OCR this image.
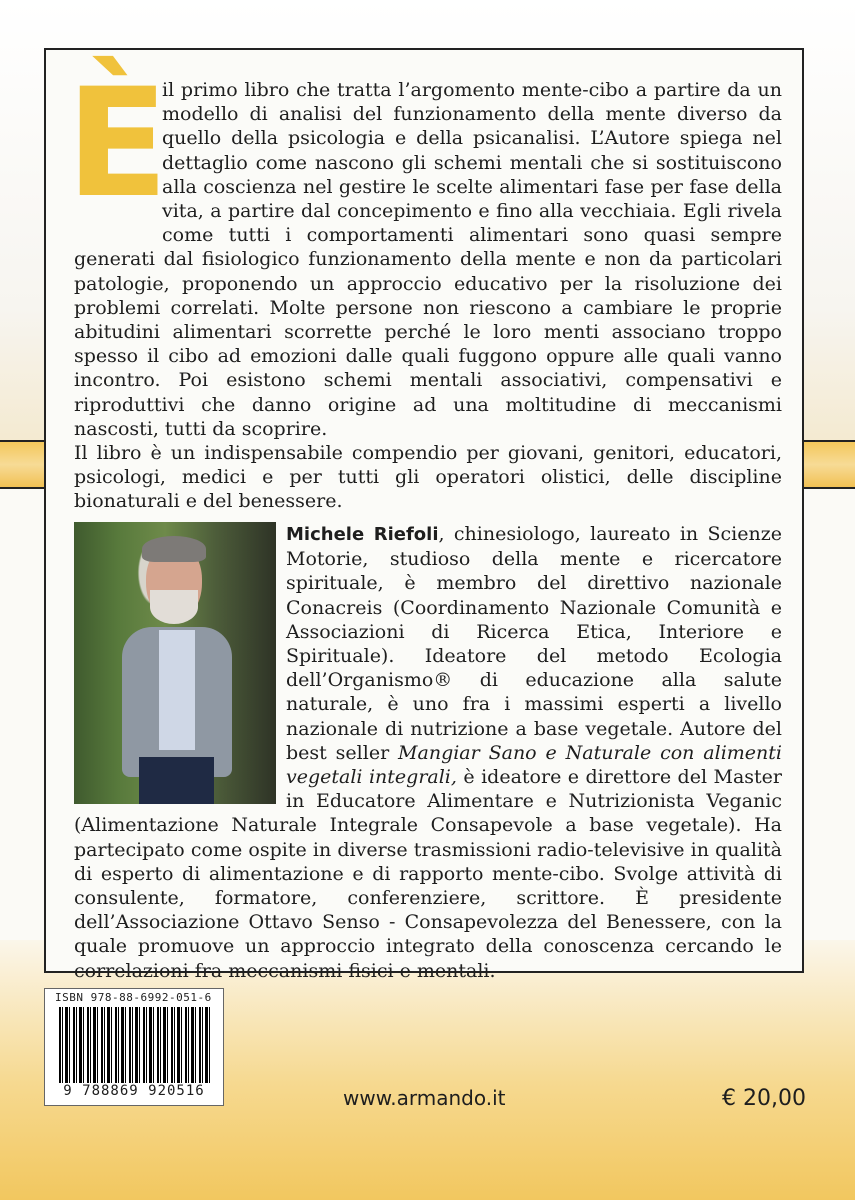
È

il primo libro che tratta l’argomento mente-cibo a partire da un modello di analisi del funzionamento della mente diverso da quello della psicologia e della psicanalisi. L’Autore spiega nel dettaglio come nascono gli schemi mentali che si sostituiscono alla coscienza nel gestire le scelte alimentari fase per fase della vita, a partire dal concepimento e fino alla vecchiaia. Egli rivela come tutti i comportamenti alimentari sono quasi sempre generati dal fisiologico funzionamento della mente e non da particolari patologie, proponendo un approccio educativo per la risoluzione dei problemi correlati. Molte persone non riescono a cambiare le proprie abitudini alimentari scorrette perché le loro menti associano troppo spesso il cibo ad emozioni dalle quali fuggono oppure alle quali vanno incontro. Poi esistono schemi mentali associativi, compensativi e riproduttivi che danno origine ad una moltitudine di meccanismi nascosti, tutti da scoprire.
Il libro è un indispensabile compendio per giovani, genitori, educatori, psicologi, medici e per tutti gli operatori olistici, delle discipline bionaturali e del benessere.

Michele Riefoli, chinesiologo, laureato in Scienze Motorie, studioso della mente e ricercatore spirituale, è membro del direttivo nazionale Conacreis (Coordinamento Nazionale Comunità e Associazioni di Ricerca Etica, Interiore e Spirituale). Ideatore del metodo Ecologia dell’Organismo® di educazione alla salute naturale, è uno fra i massimi esperti a livello nazionale di nutrizione a base vegetale. Autore del best seller Mangiar Sano e Naturale con alimenti vegetali integrali, è ideatore e direttore del Master in Educatore Alimentare e Nutrizionista Veganic (Alimentazione Naturale Integrale Consapevole a base vegetale). Ha partecipato come ospite in diverse trasmissioni radio-televisive in qualità di esperto di alimentazione e di rapporto mente-cibo. Svolge attività di consulente, formatore, conferenziere, scrittore. È presidente dell’Associazione Ottavo Senso - Consapevolezza del Benessere, con la quale promuove un approccio integrato della conoscenza cercando le correlazioni fra meccanismi fisici e mentali.

ISBN 978-88-6992-051-6
9 788869 920516	www.armando.it	€ 20,00
